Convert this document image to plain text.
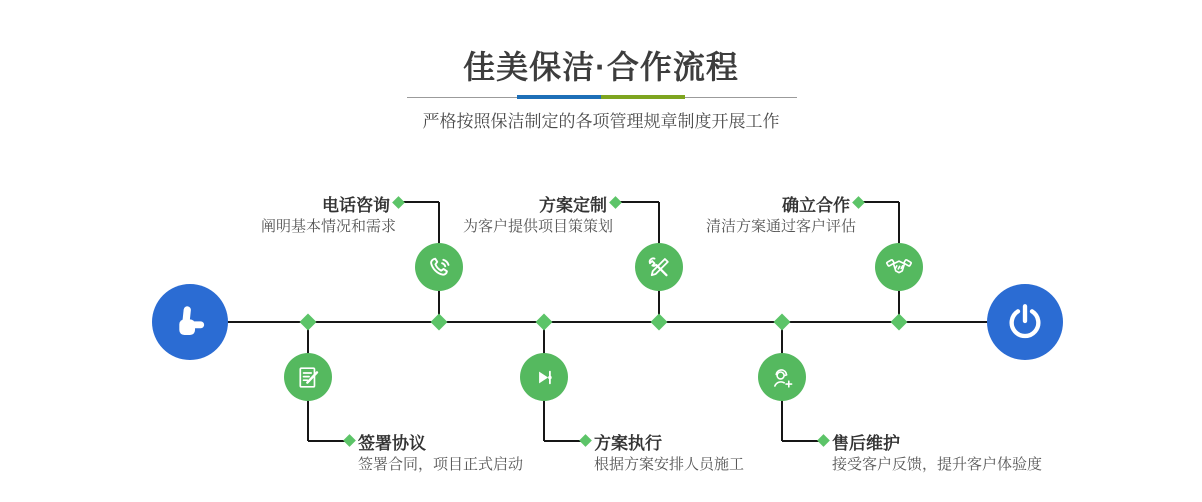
佳美保洁·合作流程
严格按照保洁制定的各项管理规章制度开展工作
电话咨询
阐明基本情况和需求
签署协议
签署合同，项目正式启动
方案定制
为客户提供项目策策划
方案执行
根据方案安排人员施工
确立合作
清洁方案通过客户评估
售后维护
接受客户反馈，提升客户体验度
